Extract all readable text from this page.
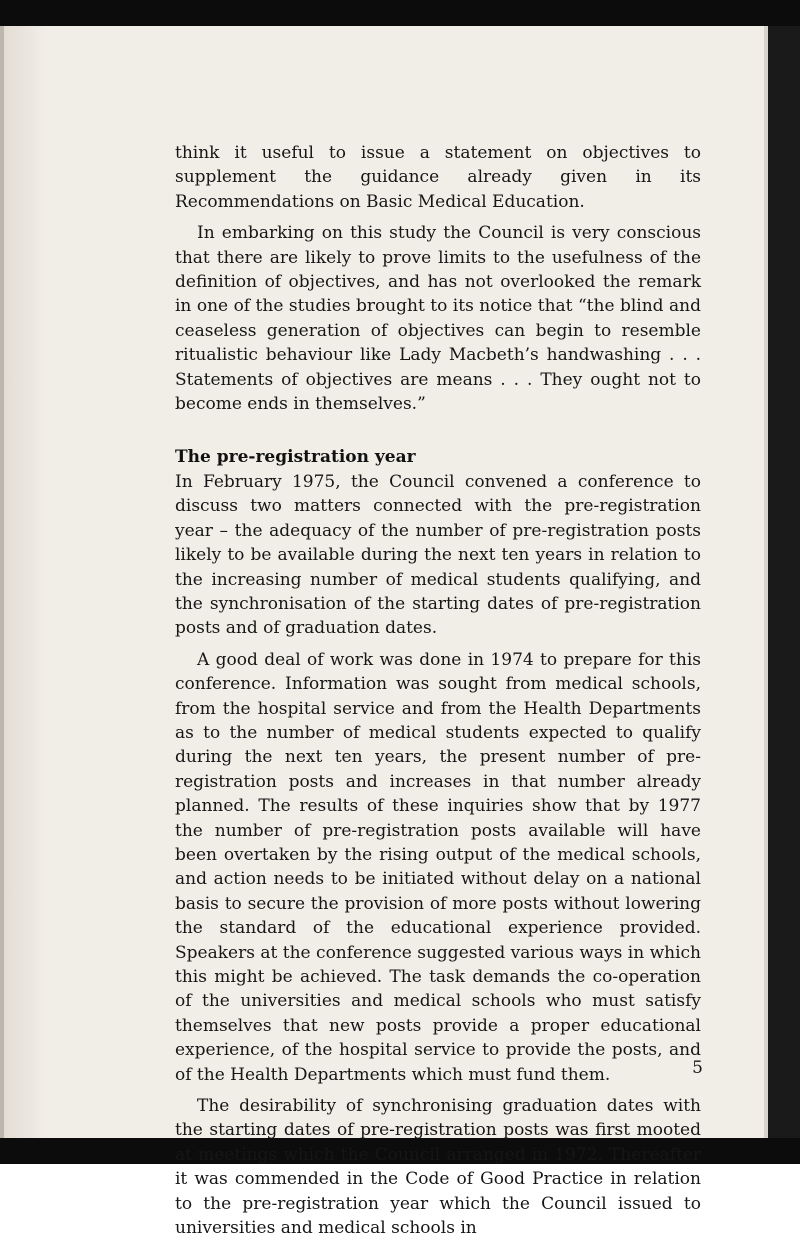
think it useful to issue a statement on objectives to supplement the guidance already given in its Recommendations on Basic Medical Education.

In embarking on this study the Council is very conscious that there are likely to prove limits to the usefulness of the definition of objectives, and has not overlooked the remark in one of the studies brought to its notice that “the blind and ceaseless generation of objectives can begin to resemble ritualistic behaviour like Lady Macbeth’s handwashing . . . Statements of objectives are means . . . They ought not to become ends in themselves.”

The pre-registration year

In February 1975, the Council convened a conference to discuss two matters connected with the pre-registration year – the adequacy of the number of pre-registration posts likely to be available during the next ten years in relation to the increasing number of medical students qualifying, and the synchronisation of the starting dates of pre-registration posts and of graduation dates.

A good deal of work was done in 1974 to prepare for this conference. Information was sought from medical schools, from the hospital service and from the Health Departments as to the number of medical students expected to qualify during the next ten years, the present number of pre-registration posts and increases in that number already planned. The results of these inquiries show that by 1977 the number of pre-registration posts available will have been overtaken by the rising output of the medical schools, and action needs to be initiated without delay on a national basis to secure the provision of more posts without lowering the standard of the educational experience provided. Speakers at the conference suggested various ways in which this might be achieved. The task demands the co-operation of the universities and medical schools who must satisfy themselves that new posts provide a proper educational experience, of the hospital service to provide the posts, and of the Health Departments which must fund them.

The desirability of synchronising graduation dates with the starting dates of pre-registration posts was first mooted at meetings which the Council arranged in 1972. Thereafter it was commended in the Code of Good Practice in relation to the pre-registration year which the Council issued to universities and medical schools in

5
